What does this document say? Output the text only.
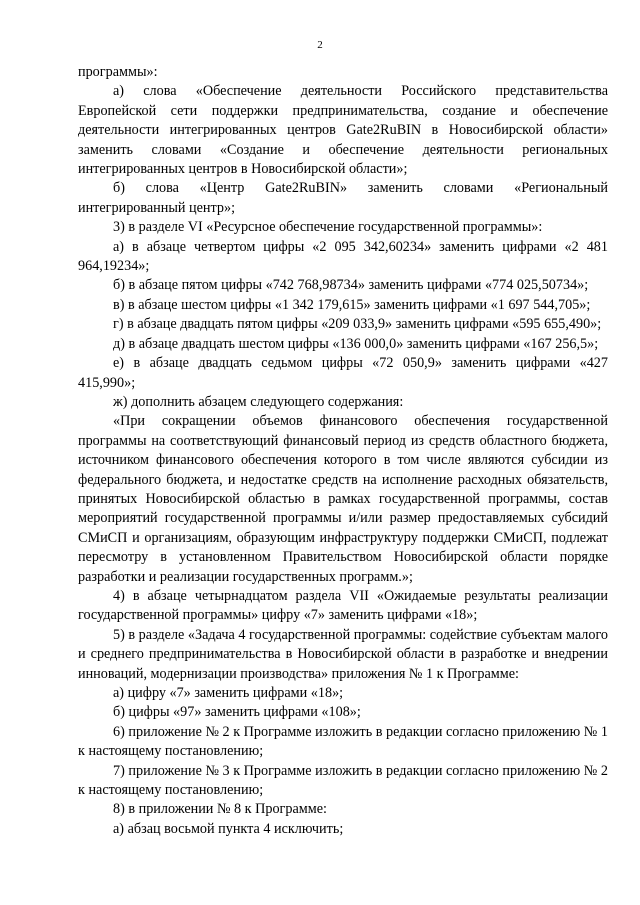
2

программы»:

а) слова «Обеспечение деятельности Российского представительства Европейской сети поддержки предпринимательства, создание и обеспечение деятельности интегрированных центров Gate2RuBIN в Новосибирской области» заменить словами «Создание и обеспечение деятельности региональных интегрированных центров в Новосибирской области»;

б) слова «Центр Gate2RuBIN» заменить словами «Региональный интегрированный центр»;

3) в разделе VI «Ресурсное обеспечение государственной программы»:

а) в абзаце четвертом цифры «2 095 342,60234» заменить цифрами «2 481 964,19234»;

б) в абзаце пятом цифры «742 768,98734» заменить цифрами «774 025,50734»;

в) в абзаце шестом цифры «1 342 179,615» заменить цифрами «1 697 544,705»;

г) в абзаце двадцать пятом цифры «209 033,9» заменить цифрами «595 655,490»;

д) в абзаце двадцать шестом цифры «136 000,0» заменить цифрами «167 256,5»;

е) в абзаце двадцать седьмом цифры «72 050,9» заменить цифрами «427 415,990»;

ж) дополнить абзацем следующего содержания:

«При сокращении объемов финансового обеспечения государственной программы на соответствующий финансовый период из средств областного бюджета, источником финансового обеспечения которого в том числе являются субсидии из федерального бюджета, и недостатке средств на исполнение расходных обязательств, принятых Новосибирской областью в рамках государственной программы, состав мероприятий государственной программы и/или размер предоставляемых субсидий СМиСП и организациям, образующим инфраструктуру поддержки СМиСП, подлежат пересмотру в установленном Правительством Новосибирской области порядке разработки и реализации государственных программ.»;

4) в абзаце четырнадцатом раздела VII «Ожидаемые результаты реализации государственной программы» цифру «7» заменить цифрами «18»;

5) в разделе «Задача 4 государственной программы: содействие субъектам малого и среднего предпринимательства в Новосибирской области в разработке и внедрении инноваций, модернизации производства» приложения № 1 к Программе:

а) цифру «7» заменить цифрами «18»;

б) цифры «97» заменить цифрами «108»;

6) приложение № 2 к Программе изложить в редакции согласно приложению № 1 к настоящему постановлению;

7) приложение № 3 к Программе изложить в редакции согласно приложению № 2 к настоящему постановлению;

8) в приложении № 8 к Программе:

а) абзац восьмой пункта 4 исключить;
